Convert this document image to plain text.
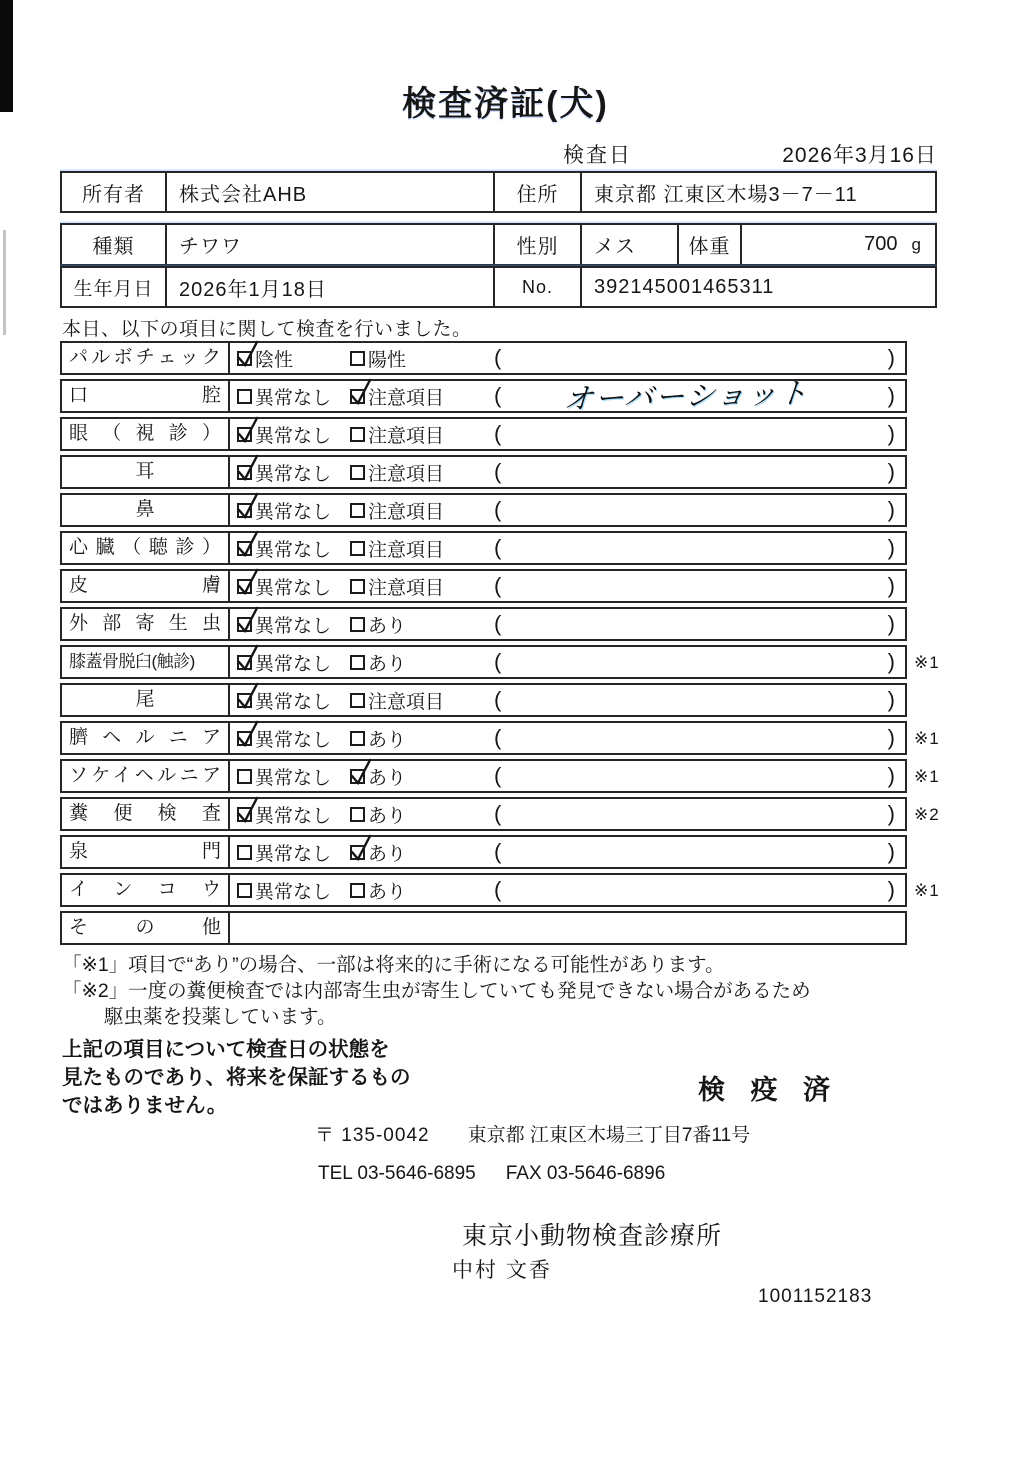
検査済証(犬)
検査日	2026年3月16日
所有者	株式会社AHB	住所	東京都 江東区木場3－7－11
種類	チワワ	性別	メス	体重	700 g
生年月日	2026年1月18日	No.	392145001465311
本日、以下の項目に関して検査を行いました。
パルボチェック	陰性	陽性	(	)
口腔	異常なし 注意項目 ( オーバーショット	)
眼（視診）	異常なし 注意項目 (	)
耳	異常なし 注意項目 (	)
鼻	異常なし 注意項目 (	)
心臓（聴診）	異常なし 注意項目 (	)
皮膚	異常なし 注意項目 (	)
外部寄生虫	異常なし あり	(	)
膝蓋骨脱臼(触診)	異常なし あり	(	)	※1
尾	異常なし 注意項目 (	)
臍ヘルニア	異常なし あり	(	)	※1
ソケイヘルニア	異常なし あり	(	)	※1
糞便検査	異常なし あり	(	)	※2
泉門	異常なし あり	(	)
インコウ	異常なし あり	(	)	※1
その他
「※1」項目で“あり”の場合、一部は将来的に手術になる可能性があります。
「※2」一度の糞便検査では内部寄生虫が寄生していても発見できない場合があるため
駆虫薬を投薬しています。
上記の項目について検査日の状態を
見たものであり、将来を保証するもの
ではありません。
検 疫 済
〒 135-0042 東京都 江東区木場三丁目7番11号
TEL 03-5646-6895 FAX 03-5646-6896
東京小動物検査診療所
中村 文香
1001152183
